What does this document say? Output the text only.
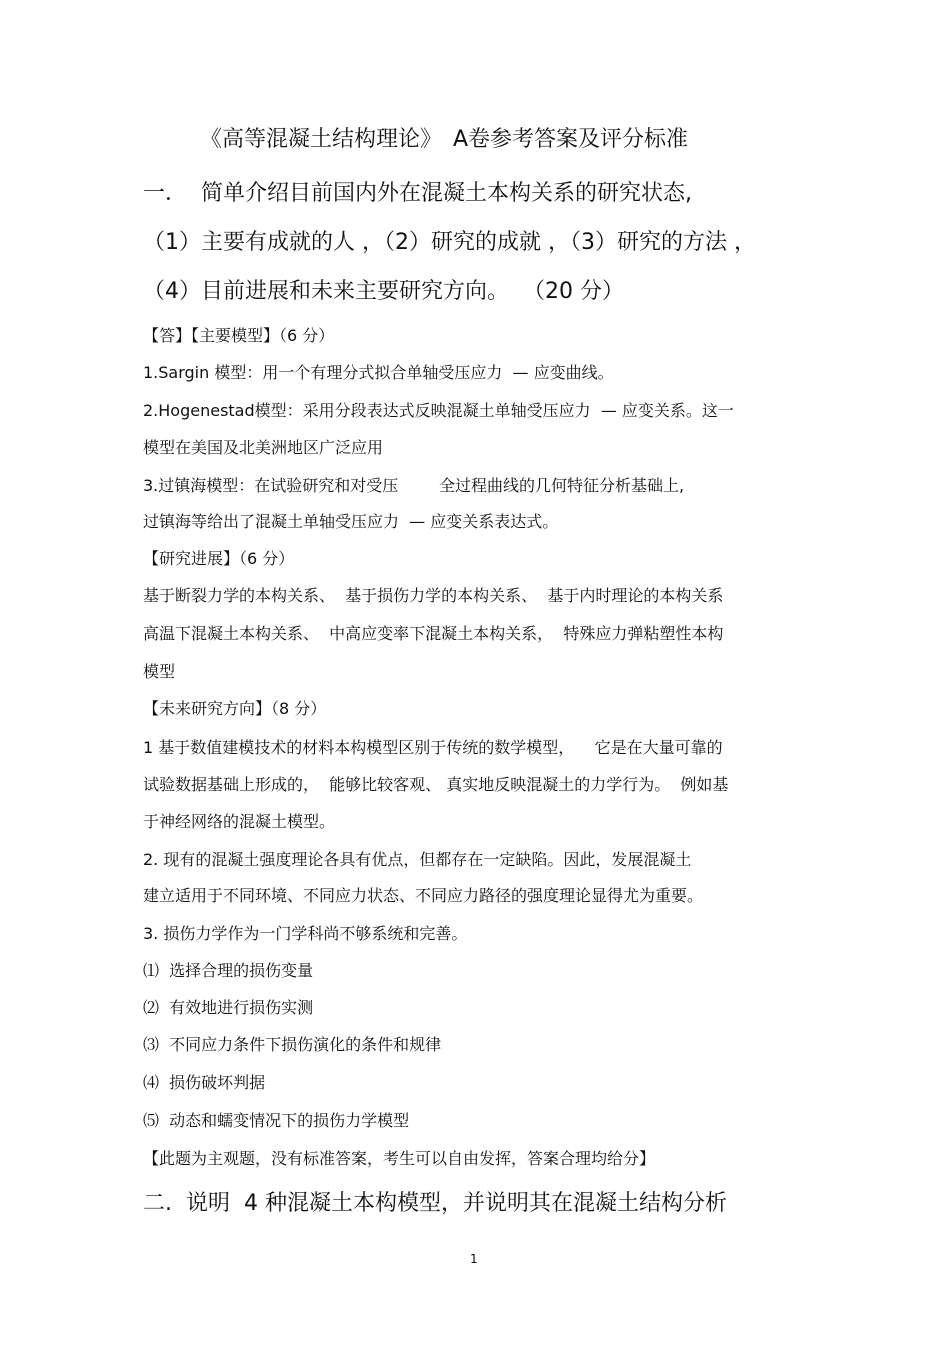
《高等混凝土结构理论》　A卷参考答案及评分标准

一．  简单介绍目前国内外在混凝土本构关系的研究状态,

（1）主要有成就的人 ，（2）研究的成就 ，（3）研究的方法 ，

（4）目前进展和未来主要研究方向。  （20 分）

【答】【主要模型】（6 分）

1.Sargin 模型：用一个有理分式拟合单轴受压应力  — 应变曲线。

2.Hogenestad模型：采用分段表达式反映混凝土单轴受压应力  — 应变关系。这一

模型在美国及北美洲地区广泛应用

3.过镇海模型：在试验研究和对受压        全过程曲线的几何特征分析基础上,

过镇海等给出了混凝土单轴受压应力  — 应变关系表达式。

【研究进展】（6 分）

基于断裂力学的本构关系、  基于损伤力学的本构关系、  基于内时理论的本构关系

高温下混凝土本构关系、  中高应变率下混凝土本构关系，  特殊应力弹粘塑性本构

模型

【未来研究方向】（8 分）

1 基于数值建模技术的材料本构模型区别于传统的数学模型，    它是在大量可靠的

试验数据基础上形成的，  能够比较客观、 真实地反映混凝土的力学行为。  例如基

于神经网络的混凝土模型。

2. 现有的混凝土强度理论各具有优点，但都存在一定缺陷。因此，发展混凝土

建立适用于不同环境、不同应力状态、不同应力路径的强度理论显得尤为重要。

3. 损伤力学作为一门学科尚不够系统和完善。

⑴  选择合理的损伤变量

⑵  有效地进行损伤实测

⑶  不同应力条件下损伤演化的条件和规律

⑷  损伤破坏判据

⑸  动态和蠕变情况下的损伤力学模型

【此题为主观题，没有标准答案，考生可以自由发挥，答案合理均给分】

二.  说明  4 种混凝土本构模型，并说明其在混凝土结构分析

1
